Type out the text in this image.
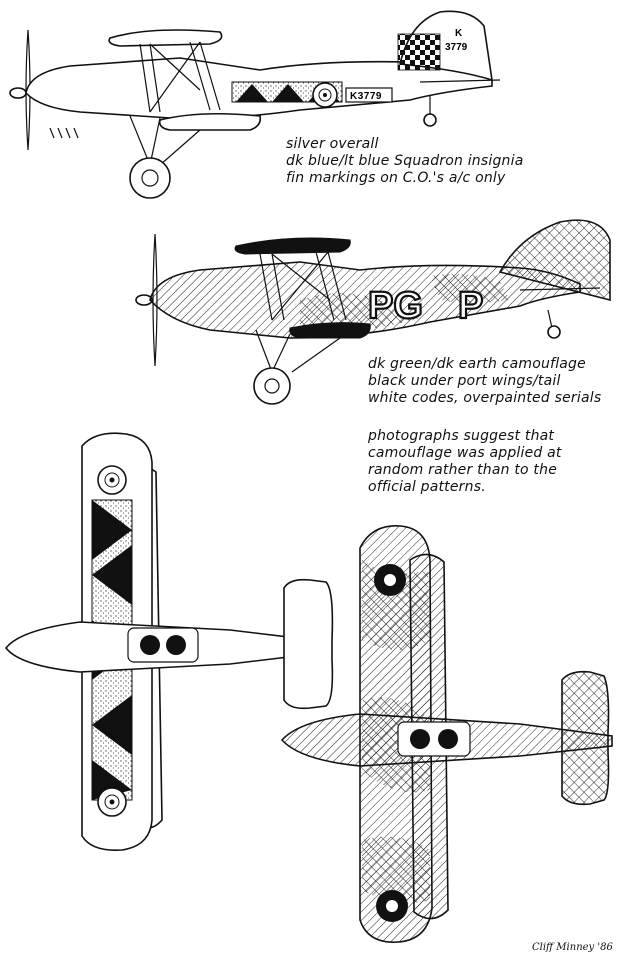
K
3779
K3779
PG P
silver overall
dk blue/lt blue Squadron insignia
fin markings on C.O.'s a/c only
dk green/dk earth camouflage
black under port wings/tail
white codes, overpainted serials
photographs suggest that
camouflage was applied at
random rather than to the
official patterns.
Cliff Minney '86
